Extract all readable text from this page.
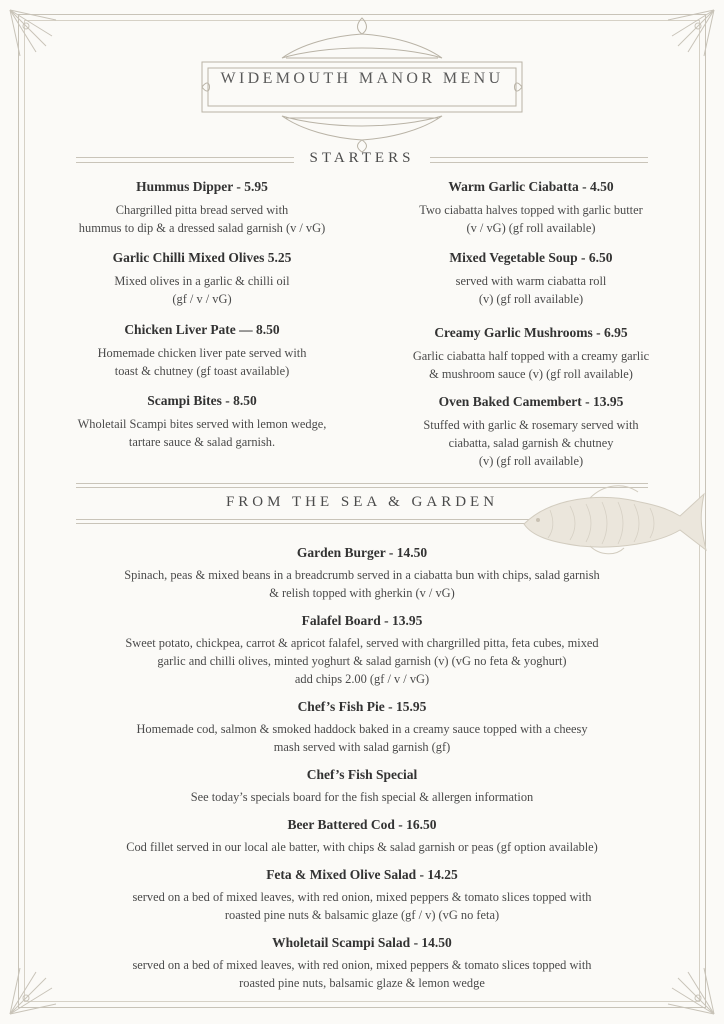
WIDEMOUTH MANOR MENU
STARTERS
Hummus Dipper - 5.95
Chargrilled pitta bread served with
hummus to dip & a dressed salad garnish (v / vG)
Garlic Chilli Mixed Olives 5.25
Mixed olives in a garlic & chilli oil
(gf / v / vG)
Chicken Liver Pate — 8.50
Homemade chicken liver pate served with
toast & chutney (gf toast available)
Scampi Bites - 8.50
Wholetail Scampi bites served with lemon wedge,
tartare sauce & salad garnish.
Warm Garlic Ciabatta - 4.50
Two ciabatta halves topped with garlic butter
(v / vG) (gf roll available)
Mixed Vegetable Soup - 6.50
served with warm ciabatta roll
(v) (gf roll available)
Creamy Garlic Mushrooms - 6.95
Garlic ciabatta half topped with a creamy garlic
& mushroom sauce (v) (gf roll available)
Oven Baked Camembert - 13.95
Stuffed with garlic & rosemary served with
ciabatta, salad garnish & chutney
(v) (gf roll available)
FROM THE SEA & GARDEN
Garden Burger - 14.50
Spinach, peas & mixed beans in a breadcrumb served in a ciabatta bun with chips, salad garnish
& relish topped with gherkin (v / vG)
Falafel Board - 13.95
Sweet potato, chickpea, carrot & apricot falafel, served with chargrilled pitta, feta cubes, mixed
garlic and chilli olives, minted yoghurt & salad garnish (v) (vG no feta & yoghurt)
add chips 2.00 (gf / v / vG)
Chef’s Fish Pie - 15.95
Homemade cod, salmon & smoked haddock baked in a creamy sauce topped with a cheesy
mash served with salad garnish (gf)
Chef’s Fish Special
See today’s specials board for the fish special & allergen information
Beer Battered Cod - 16.50
Cod fillet served in our local ale batter, with chips & salad garnish or peas (gf option available)
Feta & Mixed Olive Salad - 14.25
served on a bed of mixed leaves, with red onion, mixed peppers & tomato slices topped with
roasted pine nuts & balsamic glaze (gf / v) (vG no feta)
Wholetail Scampi Salad - 14.50
served on a bed of mixed leaves, with red onion, mixed peppers & tomato slices topped with
roasted pine nuts, balsamic glaze & lemon wedge
